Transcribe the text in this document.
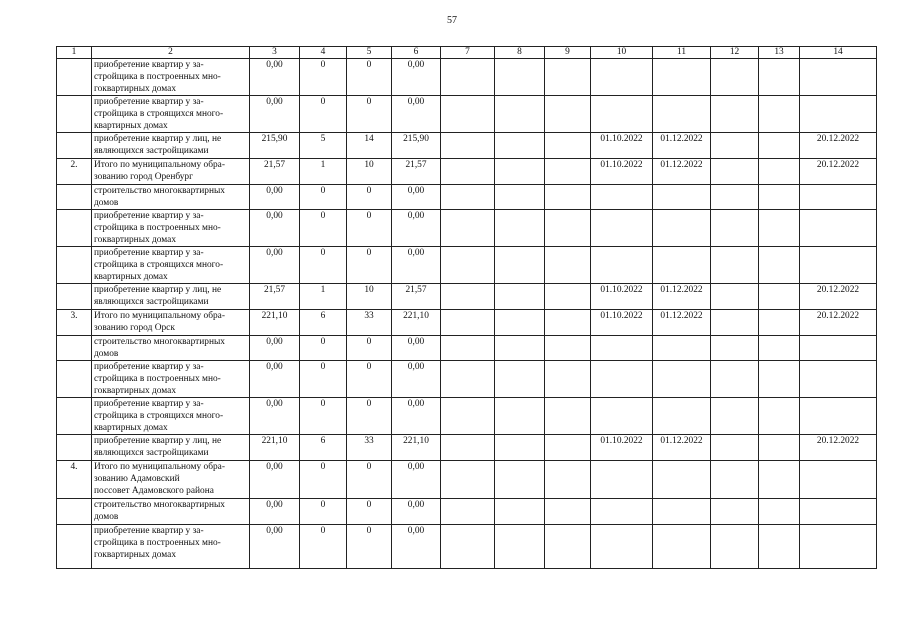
57
1	2	3	4	5	6	7	8	9	10	11	12	13	14
	приобретение квартир у за-
стройщика в построенных мно-
гоквартирных домах	0,00	0	0	0,00								
	приобретение квартир у за-
стройщика в строящихся много-
квартирных домах	0,00	0	0	0,00								
	приобретение квартир у лиц, не
являющихся застройщиками	215,90	5	14	215,90				01.10.2022	01.12.2022			20.12.2022
2.	Итого по муниципальному обра-
зованию город Оренбург	21,57	1	10	21,57				01.10.2022	01.12.2022			20.12.2022
	строительство многоквартирных
домов	0,00	0	0	0,00								
	приобретение квартир у за-
стройщика в построенных мно-
гоквартирных домах	0,00	0	0	0,00								
	приобретение квартир у за-
стройщика в строящихся много-
квартирных домах	0,00	0	0	0,00								
	приобретение квартир у лиц, не
являющихся застройщиками	21,57	1	10	21,57				01.10.2022	01.12.2022			20.12.2022
3.	Итого по муниципальному обра-
зованию город Орск	221,10	6	33	221,10				01.10.2022	01.12.2022			20.12.2022
	строительство многоквартирных
домов	0,00	0	0	0,00								
	приобретение квартир у за-
стройщика в построенных мно-
гоквартирных домах	0,00	0	0	0,00								
	приобретение квартир у за-
стройщика в строящихся много-
квартирных домах	0,00	0	0	0,00								
	приобретение квартир у лиц, не
являющихся застройщиками	221,10	6	33	221,10				01.10.2022	01.12.2022			20.12.2022
4.	Итого по муниципальному обра-
зованию Адамовский
поссовет Адамовского района	0,00	0	0	0,00								
	строительство многоквартирных
домов	0,00	0	0	0,00								
	приобретение квартир у за-
стройщика в построенных мно-
гоквартирных домах	0,00	0	0	0,00								
